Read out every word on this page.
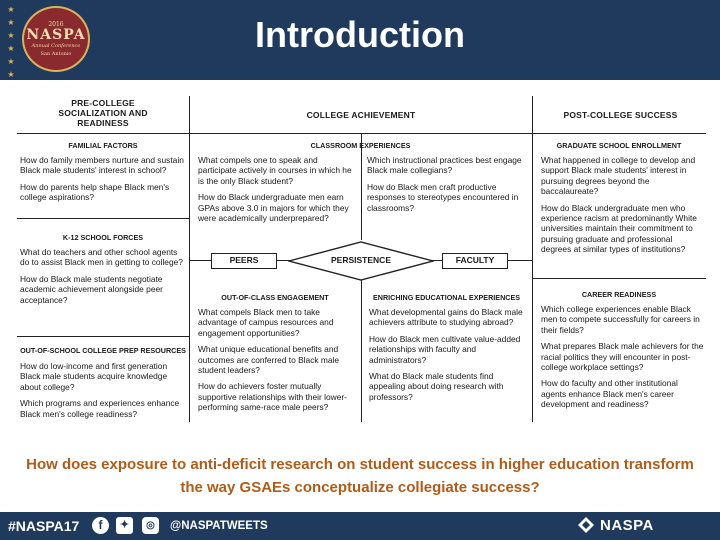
★
★
★
★
★
★
2016
NASPA
Annual Conference
San Antonio	Introduction
PRE-COLLEGE SOCIALIZATION AND READINESS
COLLEGE ACHIEVEMENT	POST-COLLEGE SUCCESS
FAMILIAL FACTORS

How do family members nurture and sustain Black male students' interest in school?

How do parents help shape Black men's college aspirations?

K-12 SCHOOL FORCES

What do teachers and other school agents do to assist Black men in getting to college?

How do Black male students negotiate academic achievement alongside peer acceptance?

OUT-OF-SCHOOL COLLEGE PREP RESOURCES

How do low-income and first generation Black male students acquire knowledge about college?

Which programs and experiences enhance Black men's college readiness?

CLASSROOM EXPERIENCES

What compels one to speak and participate actively in courses in which he is the only Black student?

How do Black undergraduate men earn GPAs above 3.0 in majors for which they were academically underprepared?

Which instructional practices best engage Black male collegians?

How do Black men craft productive responses to stereotypes encountered in classrooms?

PEERS	PERSISTENCE	FACULTY
OUT-OF-CLASS ENGAGEMENT

What compels Black men to take advantage of campus resources and engagement opportunities?

What unique educational benefits and outcomes are conferred to Black male student leaders?

How do achievers foster mutually supportive relationships with their lower-performing same-race male peers?

ENRICHING EDUCATIONAL EXPERIENCES

What developmental gains do Black male achievers attribute to studying abroad?

How do Black men cultivate value-added relationships with faculty and administrators?

What do Black male students find appealing about doing research with professors?

GRADUATE SCHOOL ENROLLMENT

What happened in college to develop and support Black male students' interest in pursuing degrees beyond the baccalaureate?

How do Black undergraduate men who experience racism at predominantly White universities maintain their commitment to pursuing graduate and professional degrees at similar types of institutions?

CAREER READINESS

Which college experiences enable Black men to compete successfully for careers in their fields?

What prepares Black male achievers for the racial politics they will encounter in post-college workplace settings?

How do faculty and other institutional agents enhance Black men's career development and readiness?

How does exposure to anti-deficit research on student success in higher education transform the way GSAEs conceptualize collegiate success?
#NASPA17	f	✦	◎	@NASPATWEETS	NASPA
